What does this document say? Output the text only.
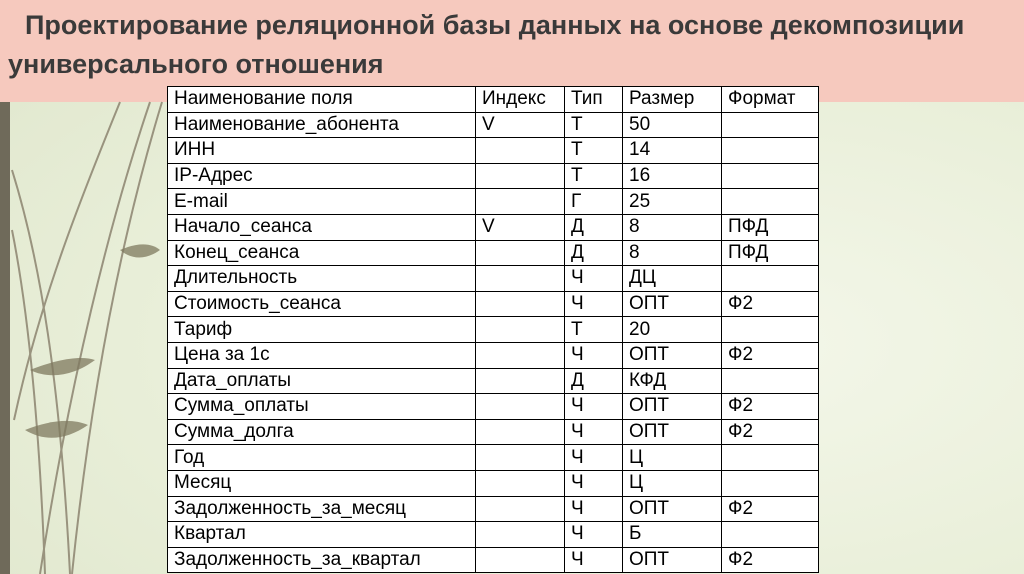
Проектирование реляционной базы данных на основе декомпозиции универсального отношения
Наименование поля	Индекс	Тип	Размер	Формат
Наименование_абонента	V	Т	50	
ИНН		Т	14	
IP-Адрес		Т	16	
E-mail		Г	25	
Начало_сеанса	V	Д	8	ПФД
Конец_сеанса		Д	8	ПФД
Длительность		Ч	ДЦ	
Стоимость_сеанса		Ч	ОПТ	Ф2
Тариф		Т	20	
Цена за 1с		Ч	ОПТ	Ф2
Дата_оплаты		Д	КФД	
Сумма_оплаты		Ч	ОПТ	Ф2
Сумма_долга		Ч	ОПТ	Ф2
Год		Ч	Ц	
Месяц		Ч	Ц	
Задолженность_за_месяц		Ч	ОПТ	Ф2
Квартал		Ч	Б	
Задолженность_за_квартал		Ч	ОПТ	Ф2
